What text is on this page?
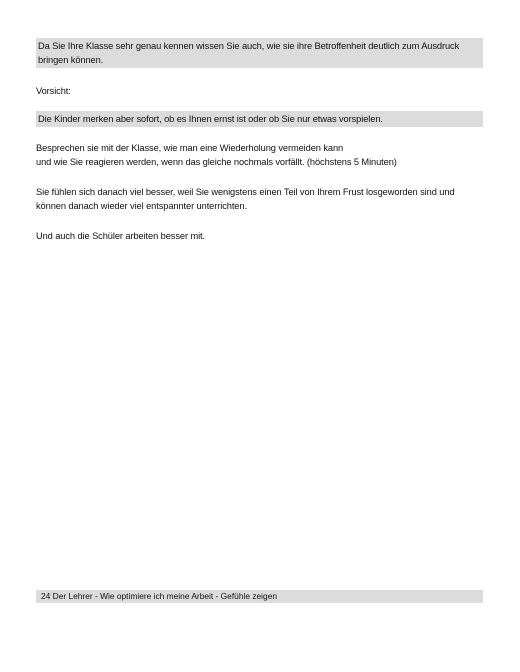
Da Sie Ihre Klasse sehr genau kennen wissen Sie auch, wie sie ihre Betroffenheit deutlich zum Ausdruck
bringen können.
Vorsicht:
Die Kinder merken aber sofort, ob es Ihnen ernst ist oder ob Sie nur etwas vorspielen.
Besprechen sie mit der Klasse, wie man eine Wiederholung vermeiden kann
und wie Sie reagieren werden, wenn das gleiche nochmals vorfällt. (höchstens 5 Minuten)
Sie fühlen sich danach viel besser, weil Sie wenigstens einen Teil von Ihrem Frust losgeworden sind und
können danach wieder viel entspannter unterrichten.
Und auch die Schüler arbeiten besser mit.
24 Der Lehrer - Wie optimiere ich meine Arbeit - Gefühle zeigen
